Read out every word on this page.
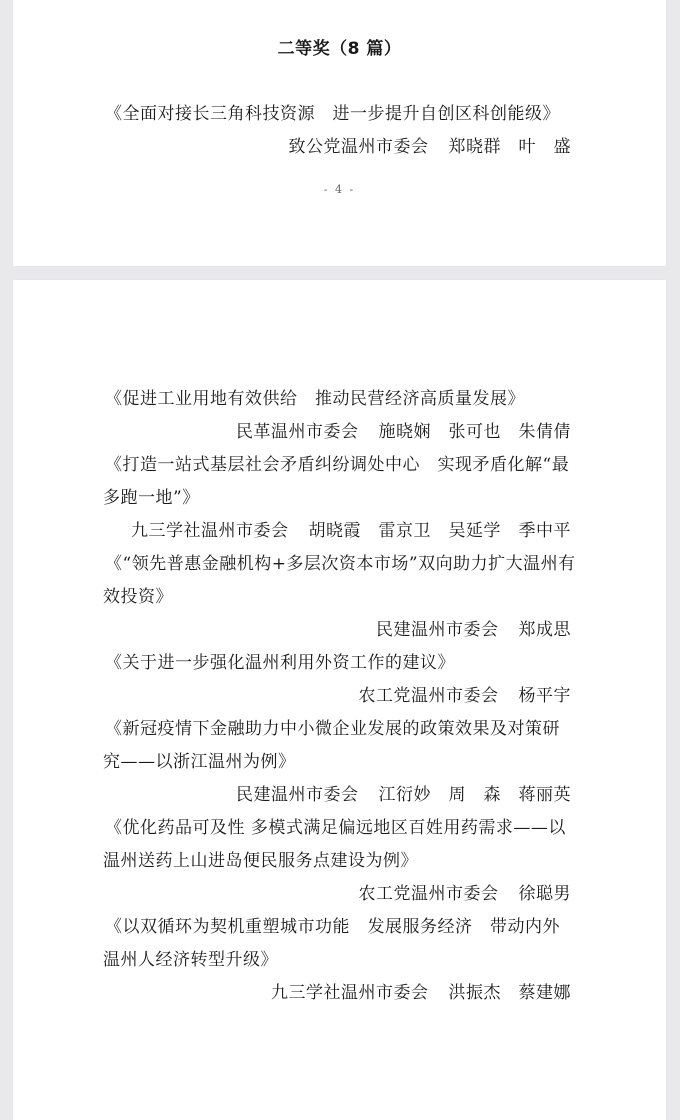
二等奖（8 篇）
《全面对接长三角科技资源　进一步提升自创区科创能级》
致公党温州市委会 郑晓群　叶　盛
- 4 -
《促进工业用地有效供给　推动民营经济高质量发展》
民革温州市委会 施晓娴　张可也　朱倩倩
《打造一站式基层社会矛盾纠纷调处中心　实现矛盾化解“最
多跑一地”》
九三学社温州市委会 胡晓霞　雷京卫　吴延学　季中平
《“领先普惠金融机构+多层次资本市场”双向助力扩大温州有
效投资》
民建温州市委会 郑成思
《关于进一步强化温州利用外资工作的建议》
农工党温州市委会 杨平宇
《新冠疫情下金融助力中小微企业发展的政策效果及对策研
究——以浙江温州为例》
民建温州市委会 江衍妙　周　森　蒋丽英
《优化药品可及性 多模式满足偏远地区百姓用药需求——以
温州送药上山进岛便民服务点建设为例》
农工党温州市委会 徐聪男
《以双循环为契机重塑城市功能　发展服务经济　带动内外
温州人经济转型升级》
九三学社温州市委会 洪振杰　蔡建娜
